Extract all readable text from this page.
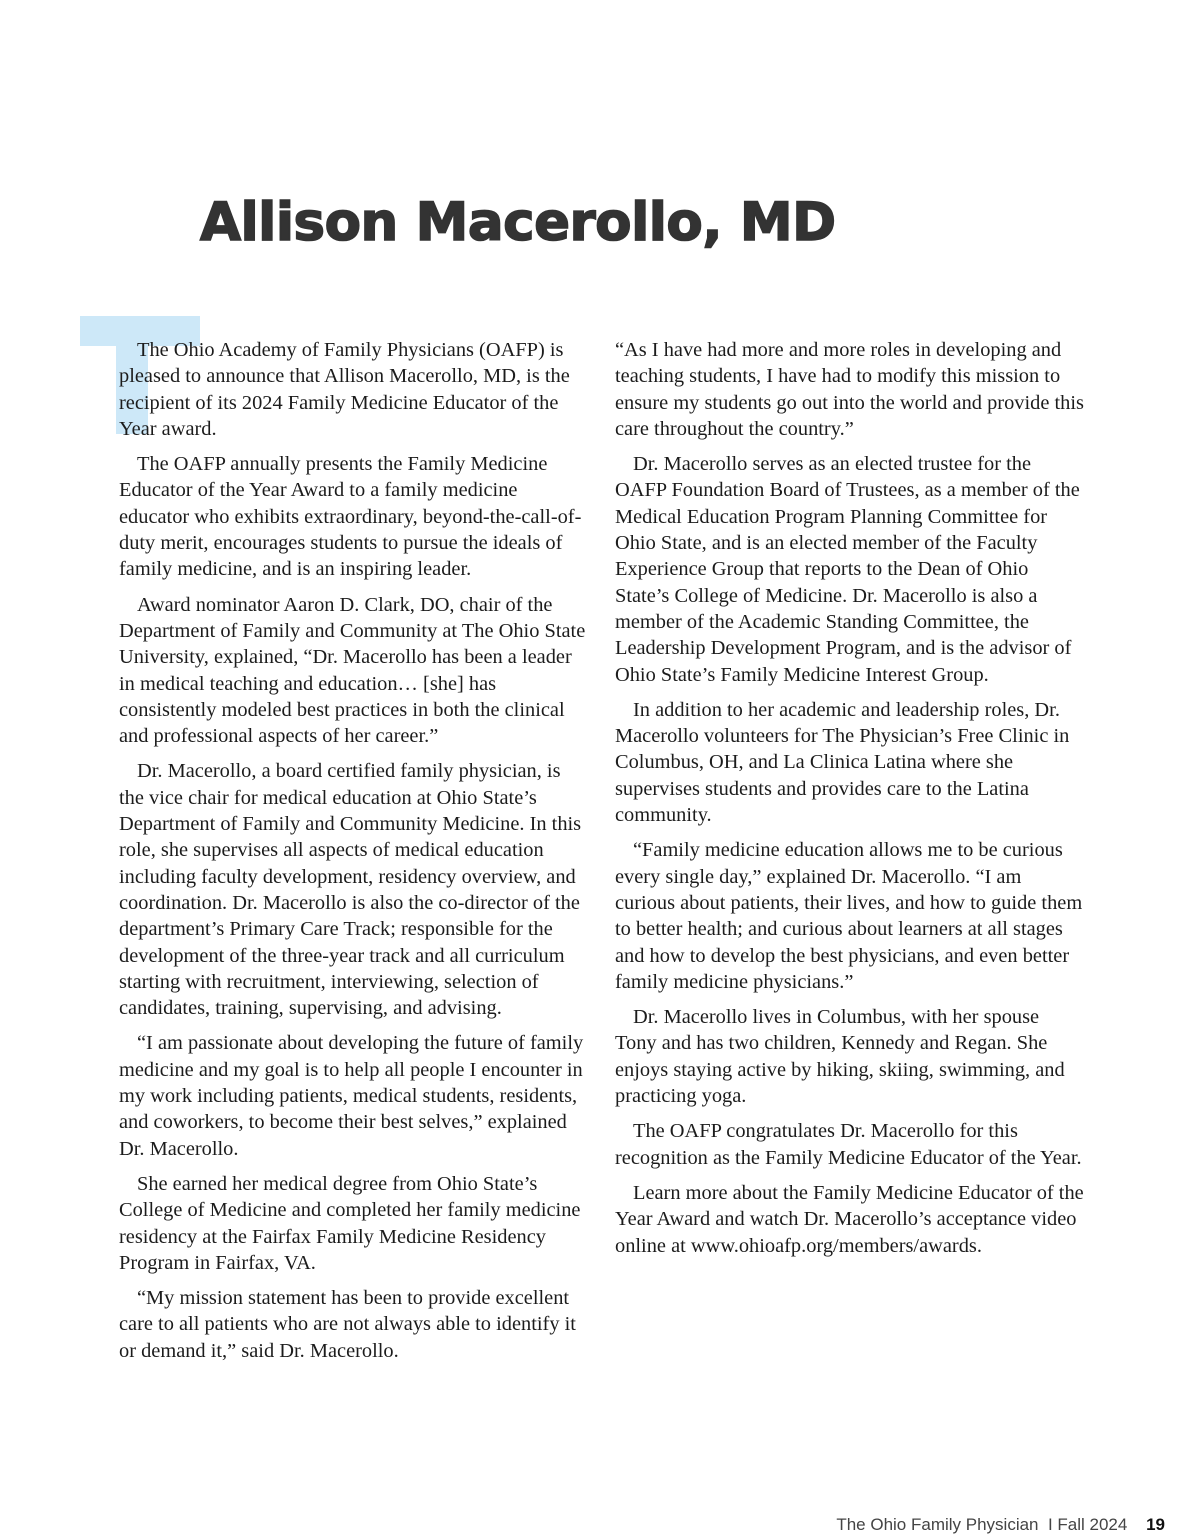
Allison Macerollo, MD

The Ohio Academy of Family Physicians (OAFP) is pleased to announce that Allison Macerollo, MD, is the recipient of its 2024 Family Medicine Educator of the Year award.

The OAFP annually presents the Family Medicine Educator of the Year Award to a family medicine educator who exhibits extraordinary, beyond-the-call-of-duty merit, encourages students to pursue the ideals of family medicine, and is an inspiring leader.

Award nominator Aaron D. Clark, DO, chair of the Department of Family and Community at The Ohio State University, explained, “Dr. Macerollo has been a leader in medical teaching and education… [she] has consistently modeled best practices in both the clinical and professional aspects of her career.”

Dr. Macerollo, a board certified family physician, is the vice chair for medical education at Ohio State’s Department of Family and Community Medicine. In this role, she supervises all aspects of medical education including faculty development, residency overview, and coordination. Dr. Macerollo is also the co-director of the department’s Primary Care Track; responsible for the development of the three-year track and all curriculum starting with recruitment, interviewing, selection of candidates, training, supervising, and advising.

“I am passionate about developing the future of family medicine and my goal is to help all people I encounter in my work including patients, medical students, residents, and coworkers, to become their best selves,” explained Dr. Macerollo.

She earned her medical degree from Ohio State’s College of Medicine and completed her family medicine residency at the Fairfax Family Medicine Residency Program in Fairfax, VA.

“My mission statement has been to provide excellent care to all patients who are not always able to identify it or demand it,” said Dr. Macerollo.

“As I have had more and more roles in developing and teaching students, I have had to modify this mission to ensure my students go out into the world and provide this care throughout the country.”

Dr. Macerollo serves as an elected trustee for the OAFP Foundation Board of Trustees, as a member of the Medical Education Program Planning Committee for Ohio State, and is an elected member of the Faculty Experience Group that reports to the Dean of Ohio State’s College of Medicine. Dr. Macerollo is also a member of the Academic Standing Committee, the Leadership Development Program, and is the advisor of Ohio State’s Family Medicine Interest Group.

In addition to her academic and leadership roles, Dr. Macerollo volunteers for The Physician’s Free Clinic in Columbus, OH, and La Clinica Latina where she supervises students and provides care to the Latina community.

“Family medicine education allows me to be curious every single day,” explained Dr. Macerollo. “I am curious about patients, their lives, and how to guide them to better health; and curious about learners at all stages and how to develop the best physicians, and even better family medicine physicians.”

Dr. Macerollo lives in Columbus, with her spouse Tony and has two children, Kennedy and Regan. She enjoys staying active by hiking, skiing, swimming, and practicing yoga.

The OAFP congratulates Dr. Macerollo for this recognition as the Family Medicine Educator of the Year.

Learn more about the Family Medicine Educator of the Year Award and watch Dr. Macerollo’s acceptance video online at www.ohioafp.org/members/awards.

The Ohio Family Physician  I Fall 2024 19
